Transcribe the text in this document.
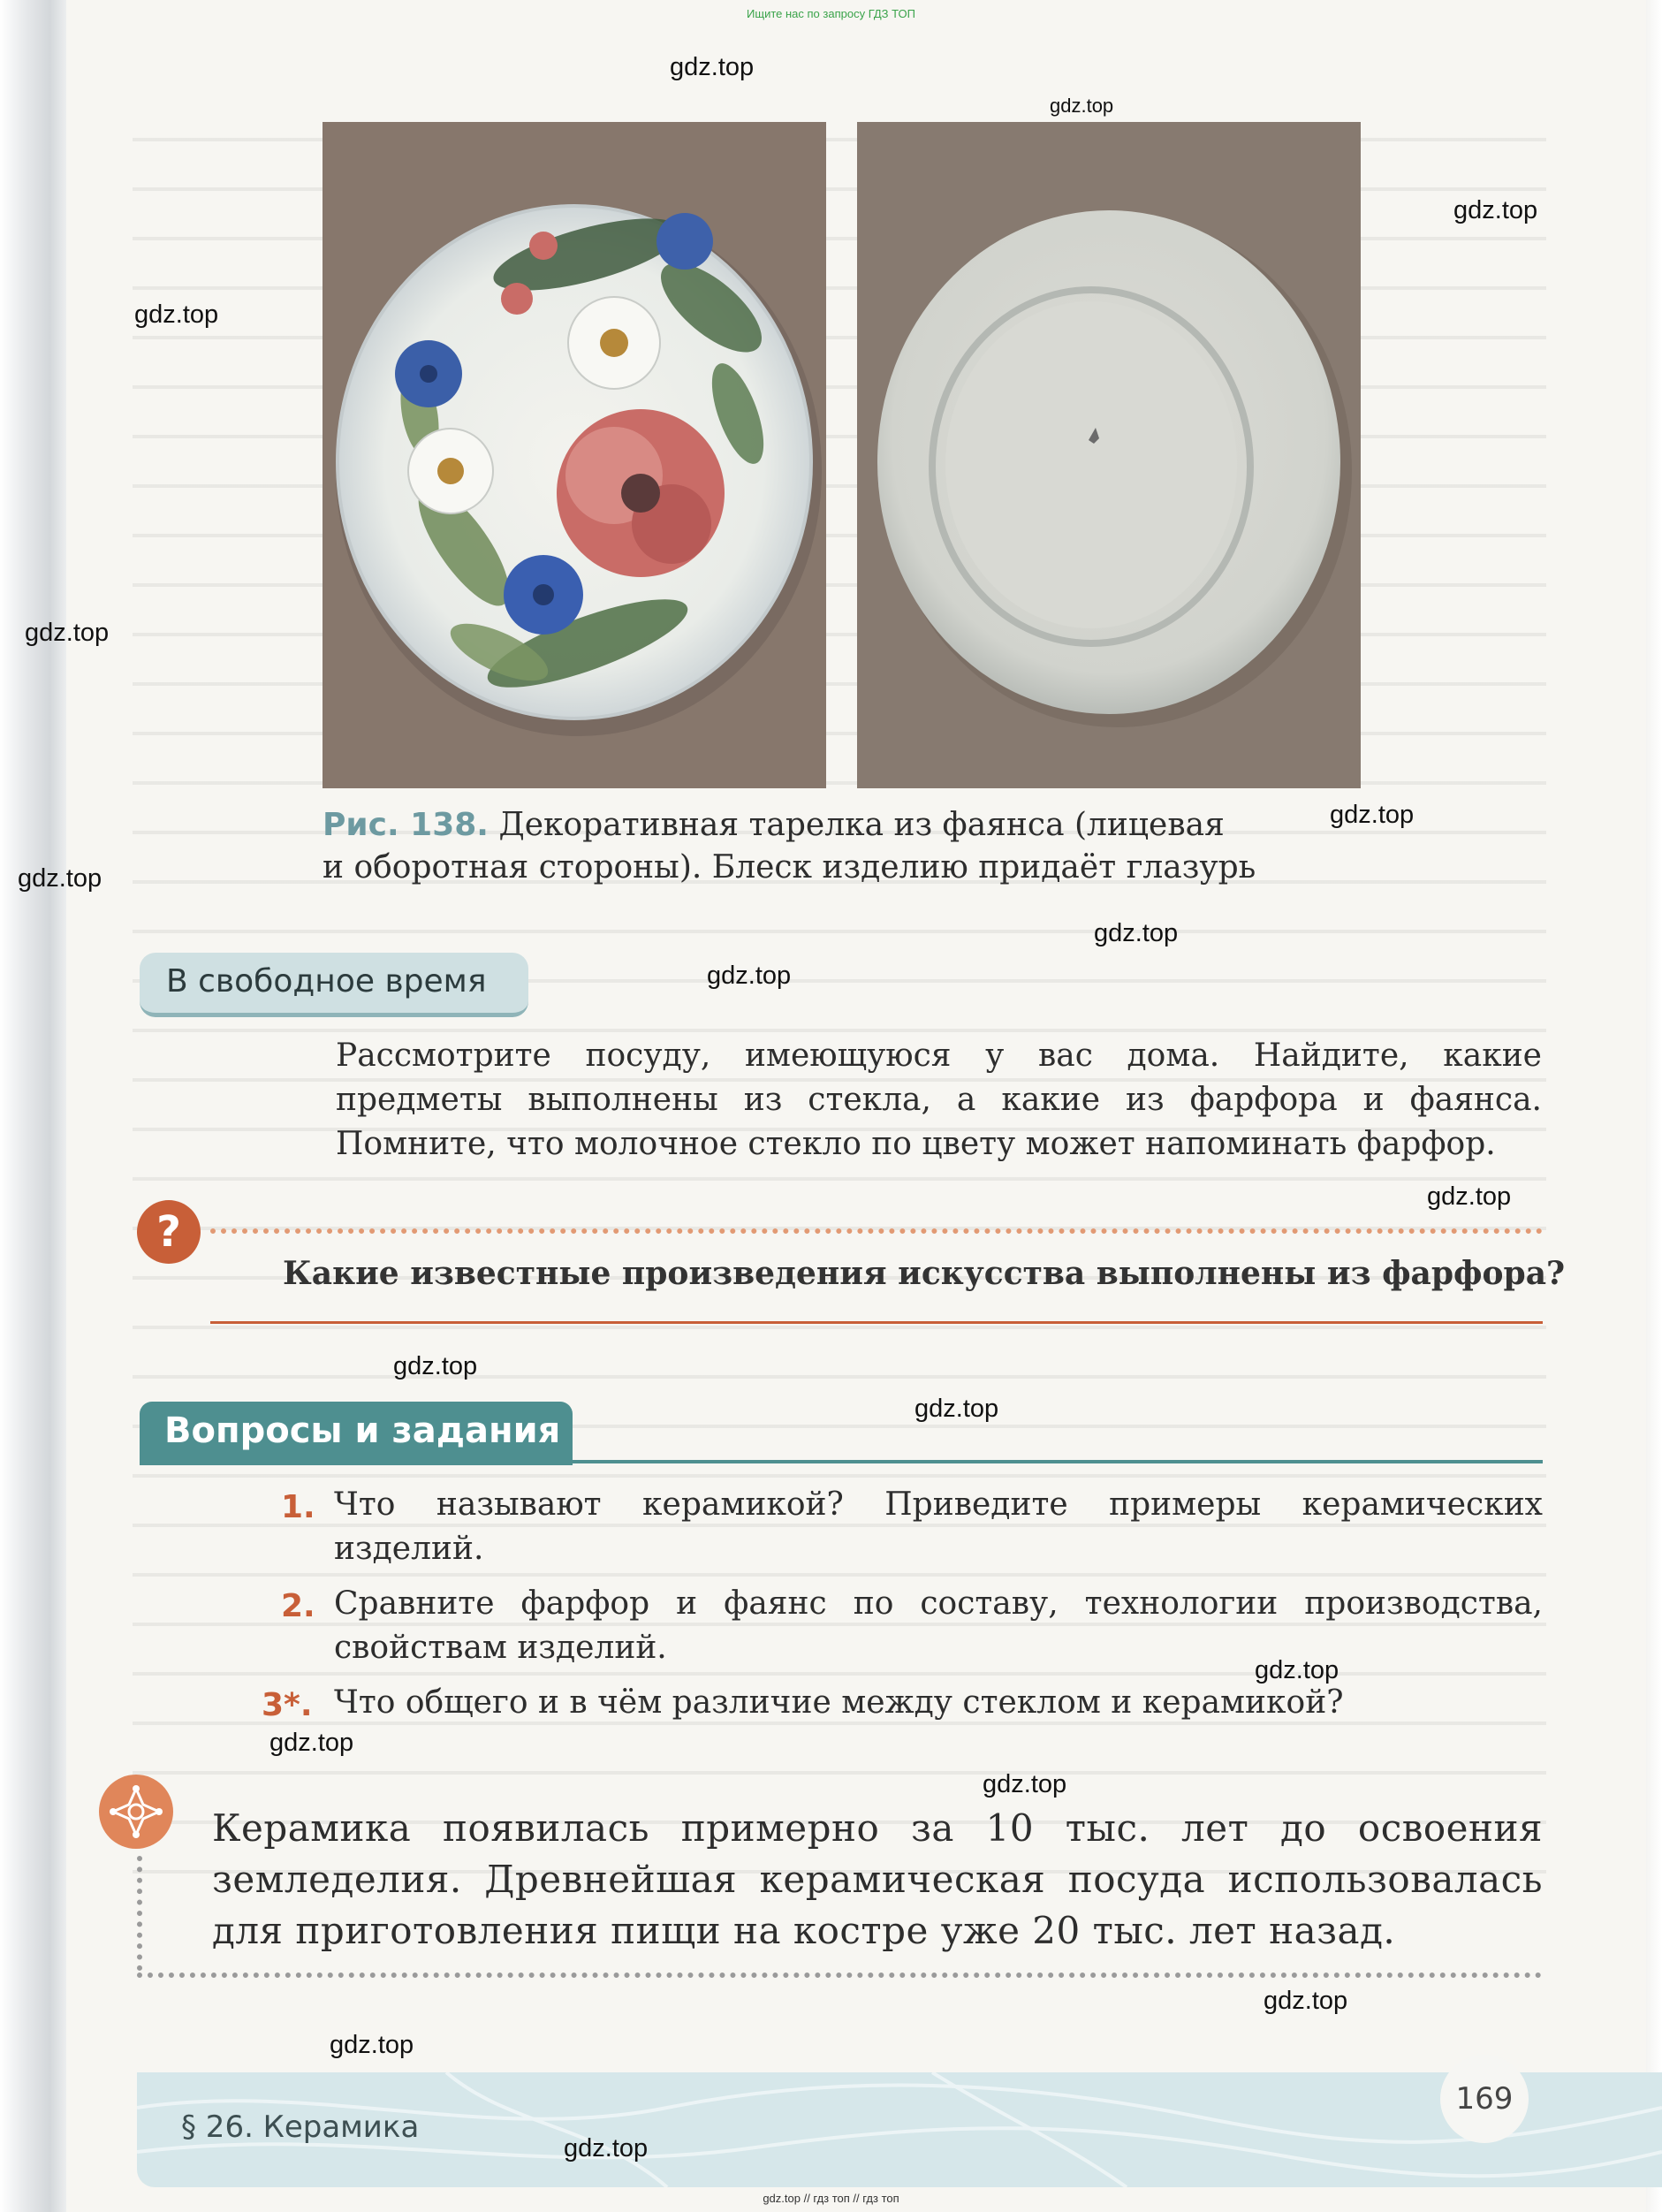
Ищите нас по запросу ГДЗ ТОП
Рис. 138. Декоративная тарелка из фаянса (лицевая
и оборотная стороны). Блеск изделию придаёт глазурь
В свободное время
Рассмотрите посуду, имеющуюся у вас дома. Найдите, какие предметы выполнены из стекла, а какие из фарфора и фаянса. Помните, что молочное стекло по цвету может напоминать фарфор.
?
Какие известные произведения искусства выполнены из фарфора?
Вопросы и задания
1. Что называют керамикой? Приведите примеры керамических изделий.
2. Сравните фарфор и фаянс по составу, технологии производства, свойствам изделий.
3*. Что общего и в чём различие между стеклом и керамикой?
Керамика появилась примерно за 10 тыс. лет до освоения земледелия. Древнейшая керамическая посуда использовалась для приготовления пищи на костре уже 20 тыс. лет назад.
§ 26. Керамика
169
gdz.top
gdz.top
gdz.top
gdz.top
gdz.top
gdz.top
gdz.top
gdz.top
gdz.top
gdz.top
gdz.top
gdz.top
gdz.top
gdz.top
gdz.top
gdz.top
gdz.top
gdz.top
gdz.top // гдз топ // гдз топ
